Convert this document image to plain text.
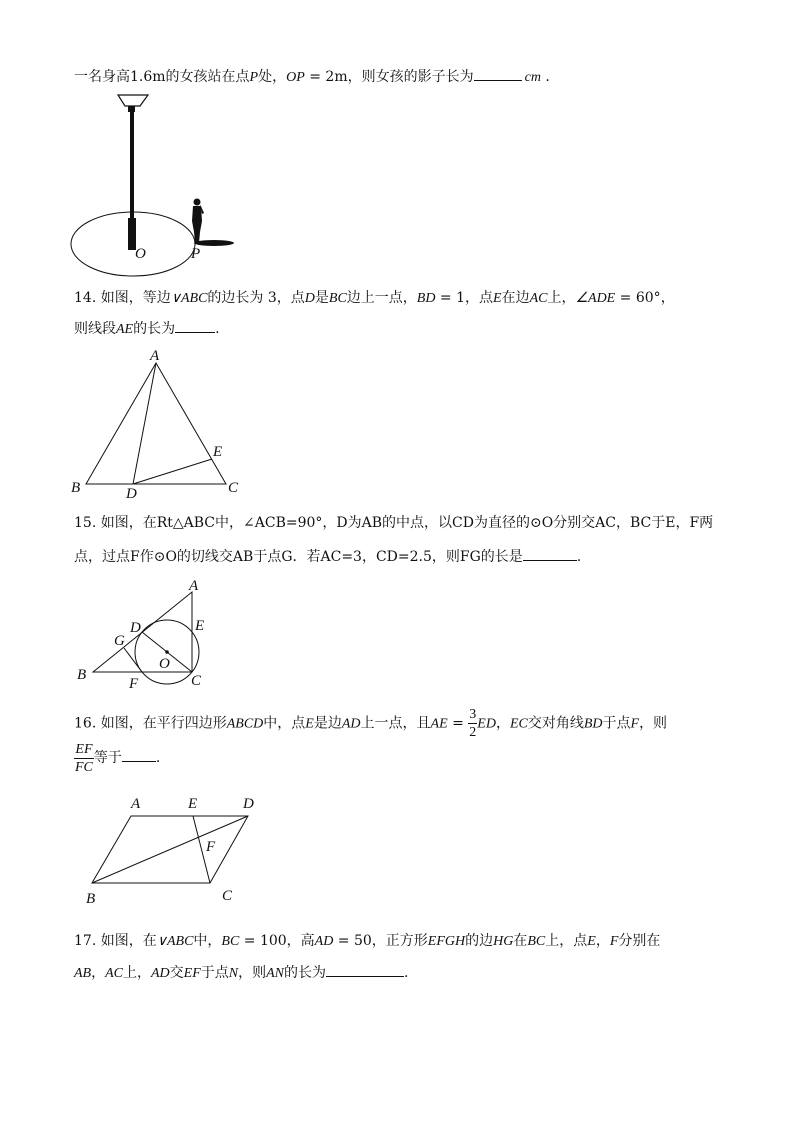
一名身高1.6m的女孩站在点P处，OP = 2m，则女孩的影子长为	cm .
O	P
14. 如图，等边∨ABC的边长为 3，点D是BC边上一点，BD = 1，点E在边AC上，∠ADE = 60°，
则线段AE的长为	.
A
B	C
D
E
15. 如图，在Rt△ABC中，∠ACB=90°，D为AB的中点，以CD为直径的⊙O分别交AC，BC于E，F两
点，过点F作⊙O的切线交AB于点G．若AC=3，CD=2.5，则FG的长是	.
A
B	C
D	E
F
G
O
16. 如图，在平行四边形ABCD中，点E是边AD上一点，且AE = $\frac{3}{2}$ ED，EC交对角线BD于点F，则
$\frac{EF}{FC}$ 等于 .
A
B	C
D
E
F
17. 如图，在∨ABC中，BC = 100，高AD = 50，正方形EFGH的边HG在BC上，点E，F分别在
AB，AC上，AD交EF于点N，则AN的长为	.
